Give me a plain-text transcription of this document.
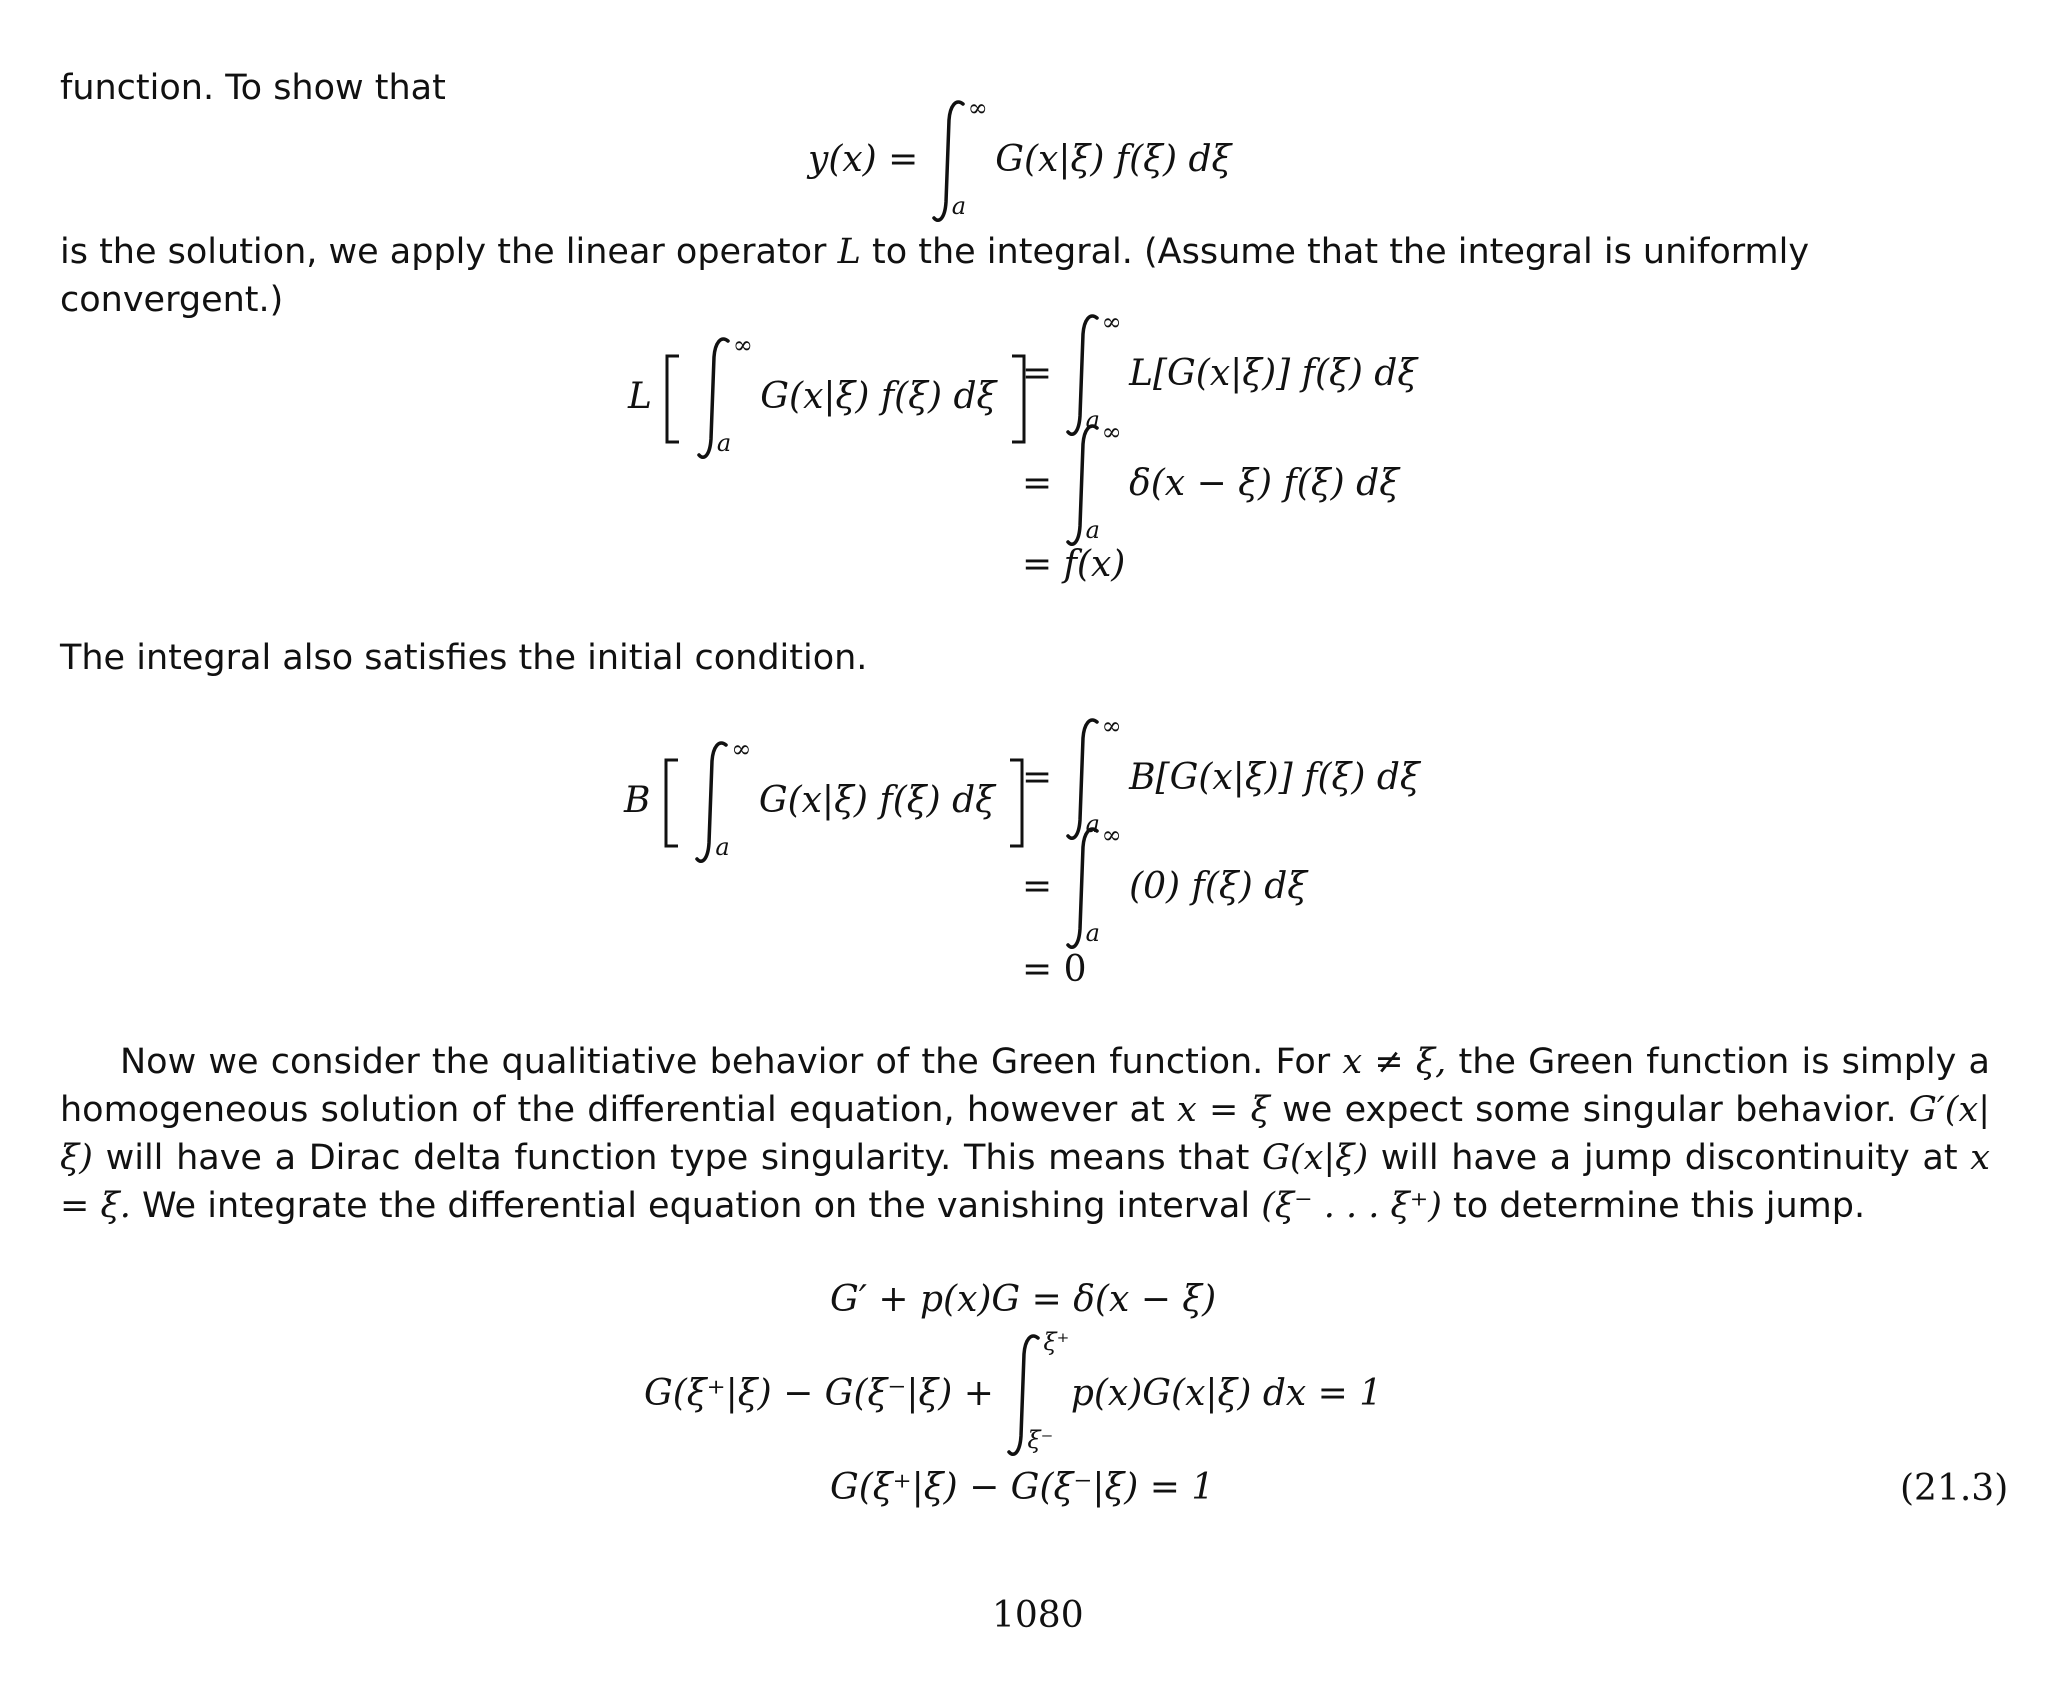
function. To show that
y(x) =
∞
a
G(x|ξ) f(ξ) dξ
is the solution, we apply the linear operator L to the integral. (Assume that the integral is uniformly convergent.)
L
∞
a
G(x|ξ) f(ξ) dξ
=
∞
a
L[G(x|ξ)] f(ξ) dξ
=
∞
a
δ(x − ξ) f(ξ) dξ
= f(x)
The integral also satisfies the initial condition.
B
∞
a
G(x|ξ) f(ξ) dξ
=
∞
a
B[G(x|ξ)] f(ξ) dξ
=
∞
a
(0) f(ξ) dξ
= 0
Now we consider the qualitiative behavior of the Green function. For x ≠ ξ, the Green function is simply a homogeneous solution of the differential equation, however at x = ξ we expect some singular behavior. G′(x|ξ) will have a Dirac delta function type singularity. This means that G(x|ξ) will have a jump discontinuity at x = ξ. We integrate the differential equation on the vanishing interval (ξ⁻ . . . ξ⁺) to determine this jump.
G′ + p(x)G = δ(x − ξ)
G(ξ⁺|ξ) − G(ξ⁻|ξ) +
ξ⁺
ξ⁻
p(x)G(x|ξ) dx = 1
G(ξ⁺|ξ) − G(ξ⁻|ξ) = 1	(21.3)
1080
